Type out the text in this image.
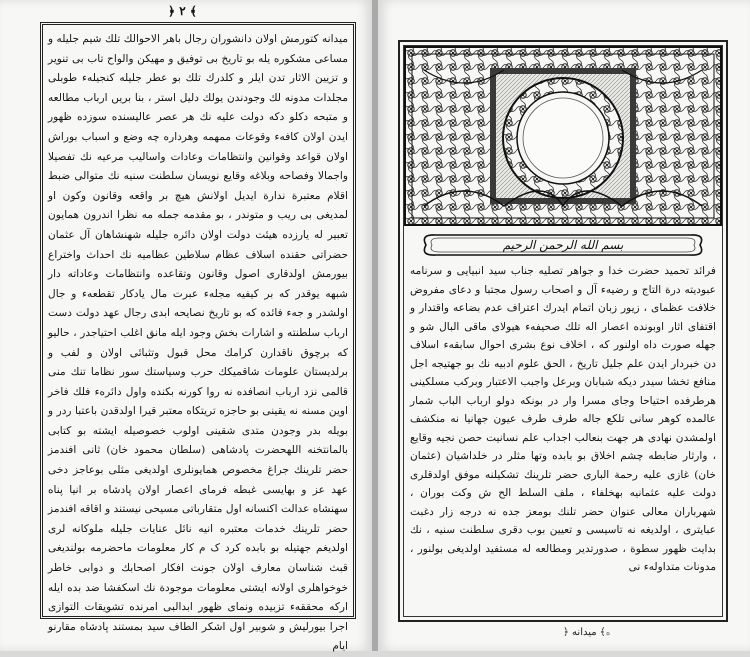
﴿ ٢ ﴾
میدانه کتورمش اولان دانشوران رجال باهر الاحوالك تلك شیم جلیله و مساعی مشکوره یله بو تاریخ بی توفیق و مهیکن والواح تاب بی تنویر و تزیین الاثار تدن ایلر و کلدرك تلك بو عطر جلیله کنجیلهء طوبلی مجلدات مدونه لك وجودندن يولك دلیل استر ، بنا بریں ارباب مطالعه و متبحه دکلو دکه دولت علیه نك هر عصر عالیسنده سوزده ظهور ایدن اولان کافهء وقوعات ممهمه وهرداره چه وضع و اسباب بوراش اولان قواعد وقوانین وانتظامات وعادات واسالیب مرعیه نك تفصیلا واجمالا وفصاحه وبلاغه وقایع نویسان سلطنت سنیه نك متوالی ضبط اقلام معتبرة ندارة ایدیل اولانش هیچ بر واقعه وقانون وکون او لمدیغی بی ریب و متوندر ، بو مقدمه جمله مه نظرا اندرون همایون تعبیر له یارزده هیئت دولت اولان دائره جلیله شهنشاهان آل عثمان حضراتی حقنده اسلاف عظام سلاطین عظامیه نك احداث واختراع بیورمش اولدقاری اصول وقانون وتقاعده وانتظامات وعاداته دار شبهه یوقدر که بر کیفیه مجلهء عبرت مال یادکار تقطعهء و جال اولشدر و جهء فائده که بو تاریخ نصایحه ابدی رجال عهد دولت دست ارباب سلطنته و اشارات بخش وجود ایله مانق اغلب احتیاجدر ، حالیو که برچوق ناقدارن کرامك محل قبول وتثبائی اولان و لفب و برلدیستان علومات شاقمیکك حرب وسیاستك سور نظاما تنك منی قالمی نزد ارباب انصافده نه روا کورنه بکنده واول دائرهء فلك فاخر اوین مسنه نه یقینی بو حاجزه تریتکاه معتبر قیرا اولدقدن باعتبا ردر و بویله بدر وجودن متدی شقینی اولوب خصوصیله ایشته بو کتابی بالمانتخنه اللهحضرت پادشاهی (سلطان محمود خان) ثانی افندمز حضر تلرینك جراغ مخصوص همایونلری اولدیغی مثلی بوعاجز دخی عهد عز و بهایسی غبطه فرمای اعصار اولان پادشاه بر انیا پناه سهنشاه عدالت اکنسانه اول متقارباتی مسیحی نیستند و اقاقه افندمز حضر تلرینك خدمات معتبره انیه نائل عنایات جلیله ملوکانه لری اولدیغم جهتیله بو بابده کرد ک م کار معلومات ماحضرمه بولندیغی قبث شناسان معارف اولان جونت افکار اصحابك و دوابی خاطر خوخواهلری اولانه ایشتی معلومات موجودة نك اسکفشا ضد بده ایله ارکه محققهء تزبیده ونمای ظهور ابدالبی امرنده تشویقات التوازی اجرا بیورلیش و شوبیر اول اشکر الطاف سید بمستند پادشاه مقارنو ایام
بسم الله الرحمن الرحيم
فرائد تحمید حضرت خدا و جواهر تصلیه جناب سید انبیایی و سرنامه عبودیته درة التاج و رضیهء آل و اصحاب رسول مجتبا و دعای مفروض خلافت عظمای ، زیور زبان اتمام ایدرك اعتراف عدم بضاعه واقتدار و اقتفای اثار اوبونده اعصار اله تلك صحیفهء هیولای ماقی البال شو و جهله صورت داه اولنور که ، اخلاف نوع بشری احوال سابقهء اسلاف دن خبردار ایدن علم جلیل تاریخ ، الحق علوم ادبیه نك بو جهتیجه اجل منافع تخشا سیدر دیکه شبابان وبرعل واجبب الاعتبار وبرکب مسلکینی هرطرفده احتیاحا وجای مسرا وار در بونکه دولو ارباب الباب شمار عالمده کوهر سانی تلکع جاله طرف طرف عیون جهانیا نه منکشف اولمشدن نهادی هر جهت بنعالب اجداب علم نسانیت حصن نجیه وقایع ، وارثار ضابطه چشم اخلاق بو بابده وتها مثلر در خلداشیان (عثمان خان) غازی علیه رحمة البارى حضر تلرینك تشکیلنه موفق اولدقلری دولت علیه عثمانیه بهخلفاء ، ملف السلط الح ش وکت بوران ، شهرباران معالی عنوان حضر تلنك بومعز جده نه درجه زار دغبت عبایتری ، اولدیغه نه تاسیسی و تعیین بوب دقری سلطنت سنیه ، نك بدایت ظهور سطوة ، صدورتدیر ومطالعه له مستفید اولدیغی بولنور ، مدونات متداولهء نی
﴿ میدانه ﴾ ه
